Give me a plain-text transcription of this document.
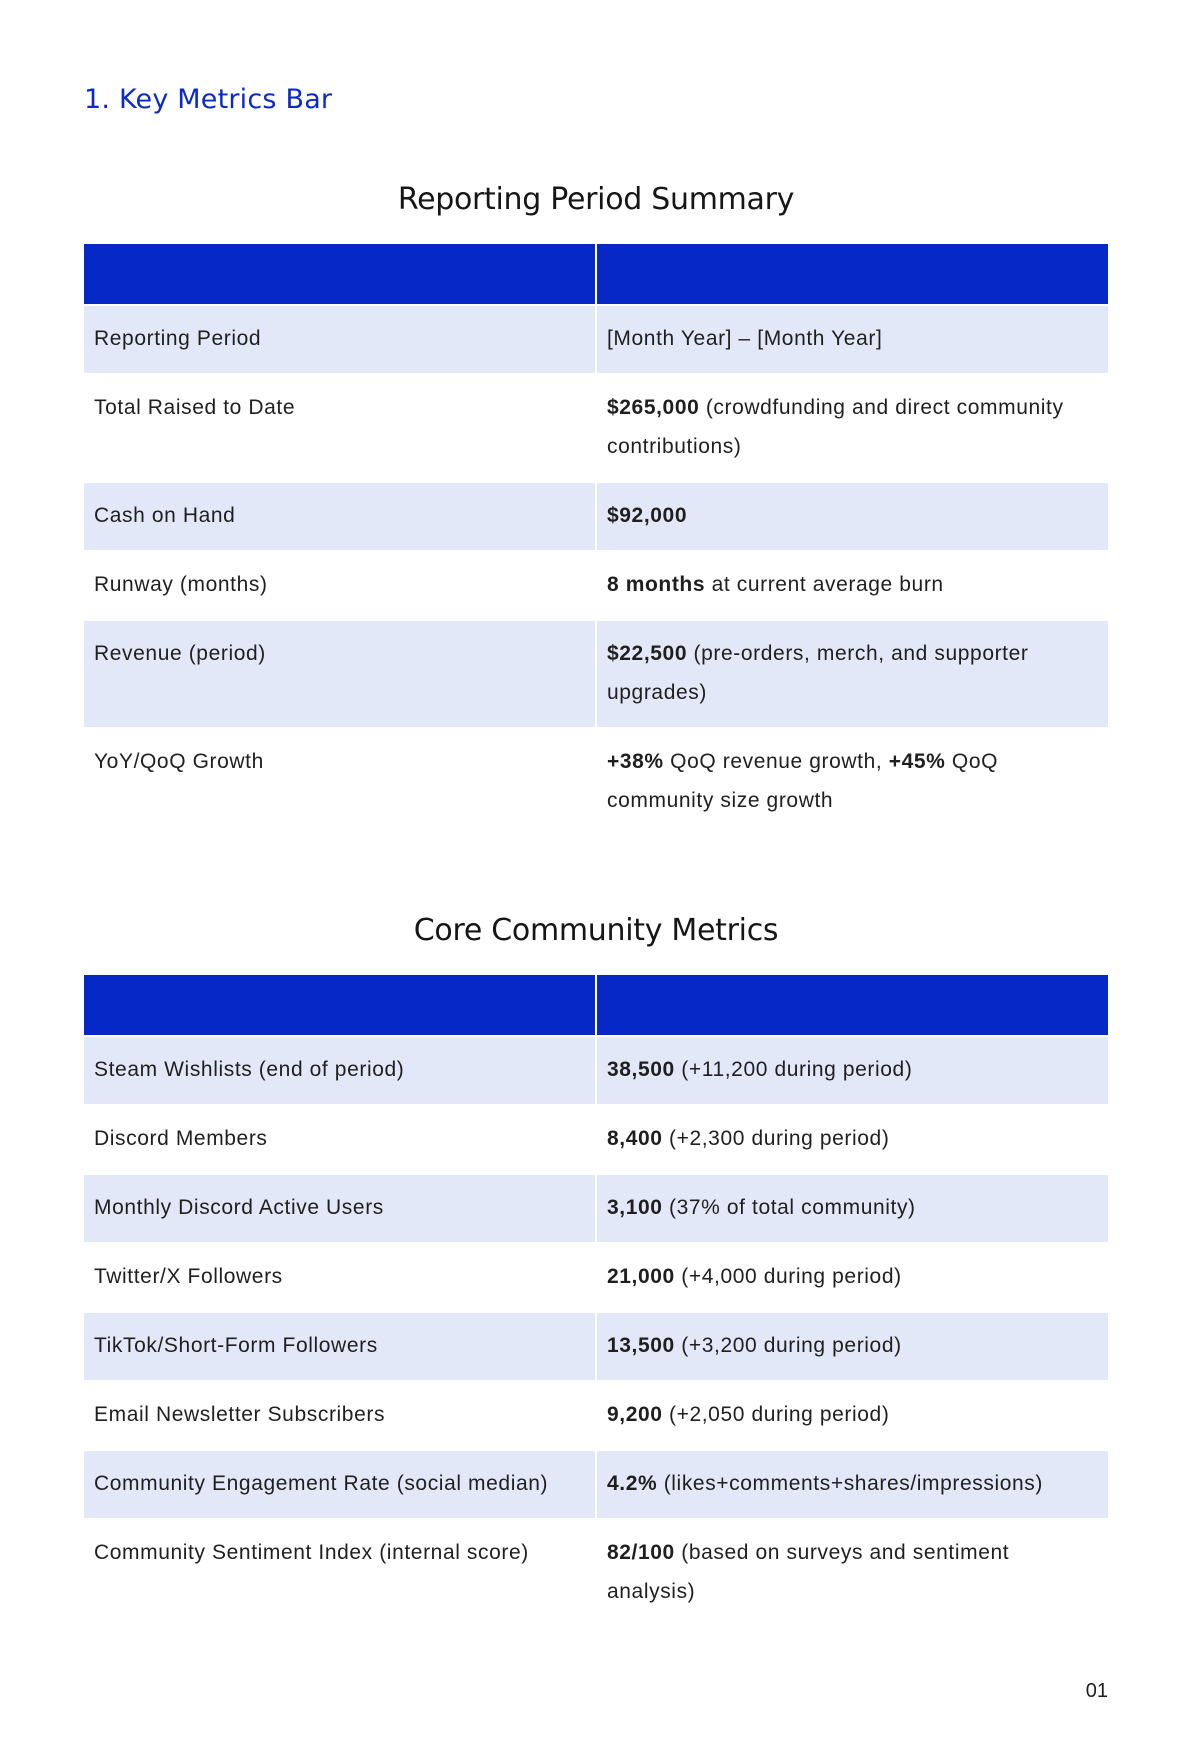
1. Key Metrics Bar
Reporting Period Summary

Reporting Period	[Month Year] – [Month Year]
Total Raised to Date	$265,000 (crowdfunding and direct community contributions)
Cash on Hand	$92,000
Runway (months)	8 months at current average burn
Revenue (period)	$22,500 (pre-orders, merch, and supporter upgrades)
YoY/QoQ Growth	+38% QoQ revenue growth, +45% QoQ community size growth
Core Community Metrics

Steam Wishlists (end of period)	38,500 (+11,200 during period)
Discord Members	8,400 (+2,300 during period)
Monthly Discord Active Users	3,100 (37% of total community)
Twitter/X Followers	21,000 (+4,000 during period)
TikTok/Short-Form Followers	13,500 (+3,200 during period)
Email Newsletter Subscribers	9,200 (+2,050 during period)
Community Engagement Rate (social median)	4.2% (likes+comments+shares/impressions)
Community Sentiment Index (internal score)	82/100 (based on surveys and sentiment analysis)
01
